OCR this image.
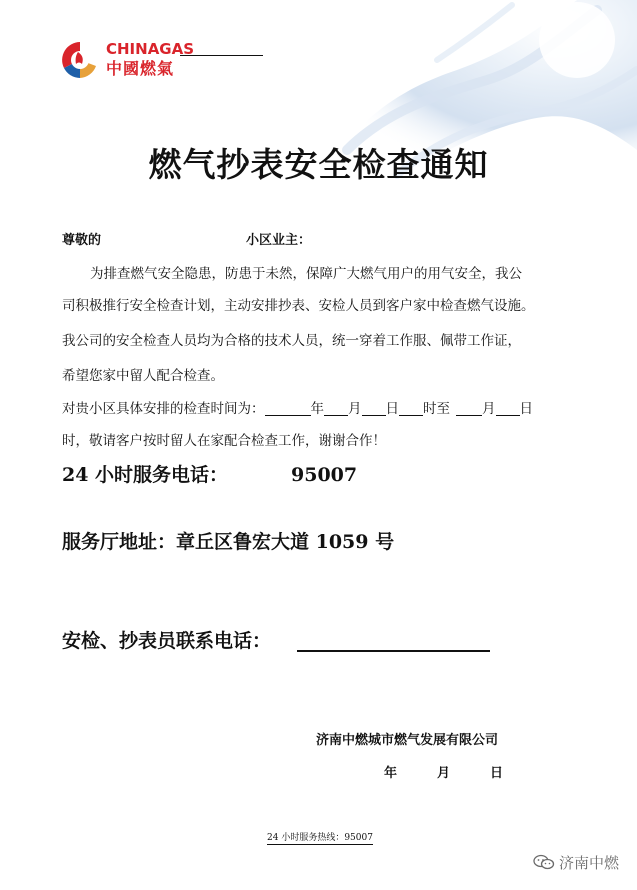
CHINAGAS
中國燃氣
燃气抄表安全检查通知
尊敬的	小区业主：
为排查燃气安全隐患，防患于未然，保障广大燃气用户的用气安全，我公
司积极推行安全检查计划，主动安排抄表、安检人员到客户家中检查燃气设施。
我公司的安全检查人员均为合格的技术人员，统一穿着工作服、佩带工作证，
希望您家中留人配合检查。
对贵小区具体安排的检查时间为：	年 月 日 时至 月 日
时，敬请客户按时留人在家配合检查工作，谢谢合作！
24 小时服务电话：	95007
服务厅地址：章丘区鲁宏大道 1059 号
安检、抄表员联系电话：
济南中燃城市燃气发展有限公司
年	月	日
24 小时服务热线：95007
济南中燃
